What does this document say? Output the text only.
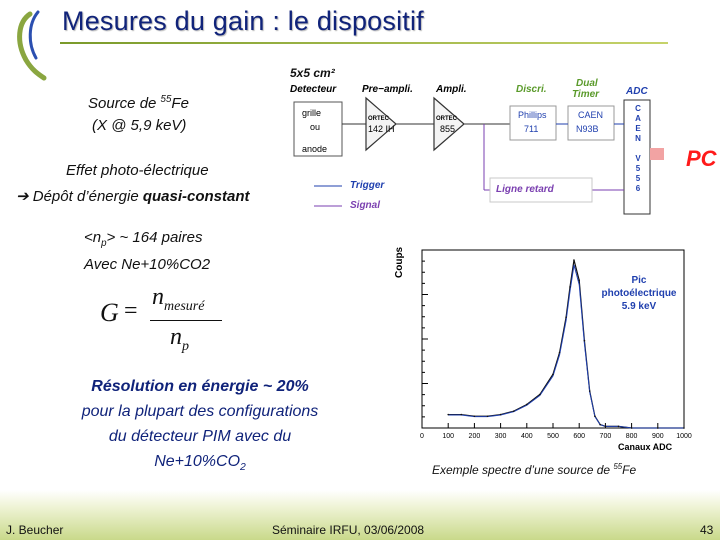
Mesures du gain : le dispositif
Source de $^{55}$Fe
(X @ 5,9 keV)
Effet photo-électrique
➔ Dépôt d’énergie quasi-constant
$<n_p>$ ~ 164 paires
Avec Ne+10%CO2
G =
$n_{mesuré}$
$n_p$
Résolution en énergie ~ 20%
pour la plupart des configurations
du détecteur PIM avec du
$Ne+10\%CO_2$
5x5 cm²
Detecteur	Pre−ampli. Ampli.	Discri.
Dual
Timer	ADC
grille
ou
anode
ORTEC
142 IH
ORTEC
855
Phillips
711
CAEN
N93B
C
A
E
N
V
5
5
6
Trigger
Signal
Ligne retard
PC
0	100 200 300 400 500 600 700 800 900 1000
Coups
Canaux ADC
Pic
photoélectrique
5.9 keV
Exemple spectre d’une source de $^{55}$Fe
J. Beucher	Séminaire IRFU, 03/06/2008	43
